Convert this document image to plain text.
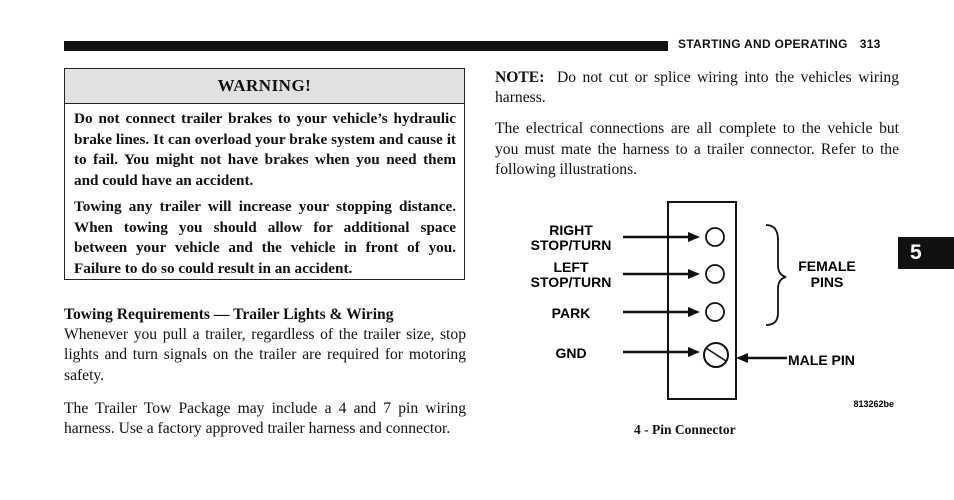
STARTING AND OPERATING 313
WARNING!

Do not connect trailer brakes to your vehicle’s hydraulic brake lines. It can overload your brake system and cause it to fail. You might not have brakes when you need them and could have an accident.

Towing any trailer will increase your stopping distance. When towing you should allow for additional space between your vehicle and the vehicle in front of you. Failure to do so could result in an accident.

Towing Requirements — Trailer Lights & Wiring
Whenever you pull a trailer, regardless of the trailer size, stop lights and turn signals on the trailer are required for motoring safety.

The Trailer Tow Package may include a 4 and 7 pin wiring harness. Use a factory approved trailer harness and connector.

NOTE: Do not cut or splice wiring into the vehicles wiring harness.

The electrical connections are all complete to the vehicle but you must mate the harness to a trailer connector. Refer to the following illustrations.

RIGHT
STOP/TURN
LEFT
STOP/TURN
PARK
GND
FEMALE
PINS
MALE PIN
813262be
4 - Pin Connector
5
